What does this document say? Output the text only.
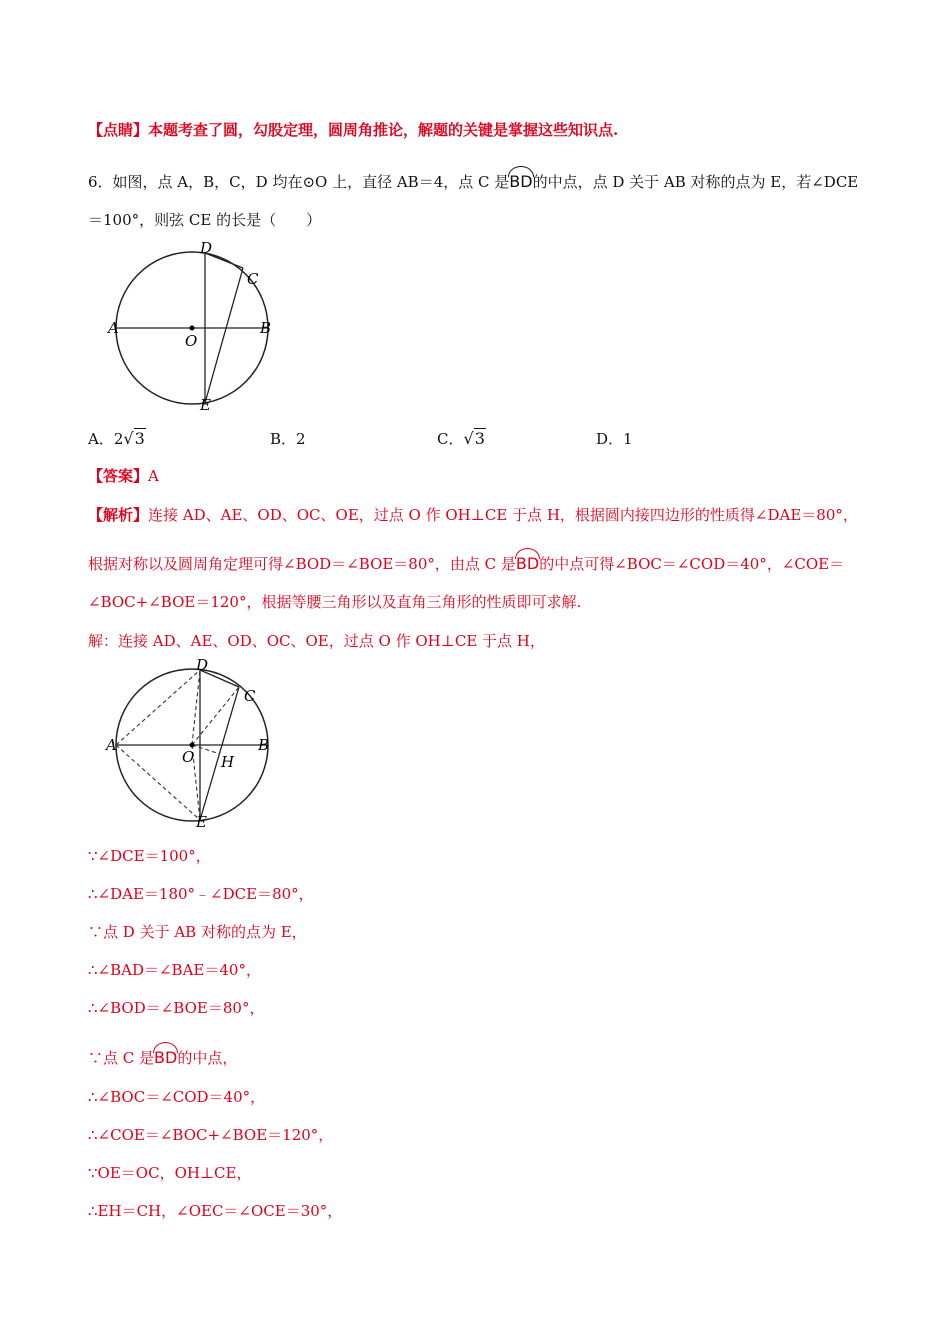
【点睛】本题考查了圆，勾股定理，圆周角推论，解题的关键是掌握这些知识点.
6．如图，点 A，B，C，D 均在⊙O 上，直径 AB＝4，点 C 是BD的中点，点 D 关于 AB 对称的点为 E，若∠DCE
＝100°，则弦 CE 的长是（　　）
D
C
A
O
B
E
A．2√3	B．2	C．√3	D．1
【答案】A
【解析】连接 AD、AE、OD、OC、OE，过点 O 作 OH⊥CE 于点 H，根据圆内接四边形的性质得∠DAE＝80°，
根据对称以及圆周角定理可得∠BOD＝∠BOE＝80°，由点 C 是BD的中点可得∠BOC＝∠COD＝40°，∠COE＝
∠BOC+∠BOE＝120°，根据等腰三角形以及直角三角形的性质即可求解.
解：连接 AD、AE、OD、OC、OE，过点 O 作 OH⊥CE 于点 H，
D
C
A
O H
B
E
∵∠DCE＝100°，
∴∠DAE＝180°﹣∠DCE＝80°，
∵点 D 关于 AB 对称的点为 E，
∴∠BAD＝∠BAE＝40°，
∴∠BOD＝∠BOE＝80°，
∵点 C 是BD的中点，
∴∠BOC＝∠COD＝40°，
∴∠COE＝∠BOC+∠BOE＝120°，
∵OE＝OC，OH⊥CE，
∴EH＝CH，∠OEC＝∠OCE＝30°，
